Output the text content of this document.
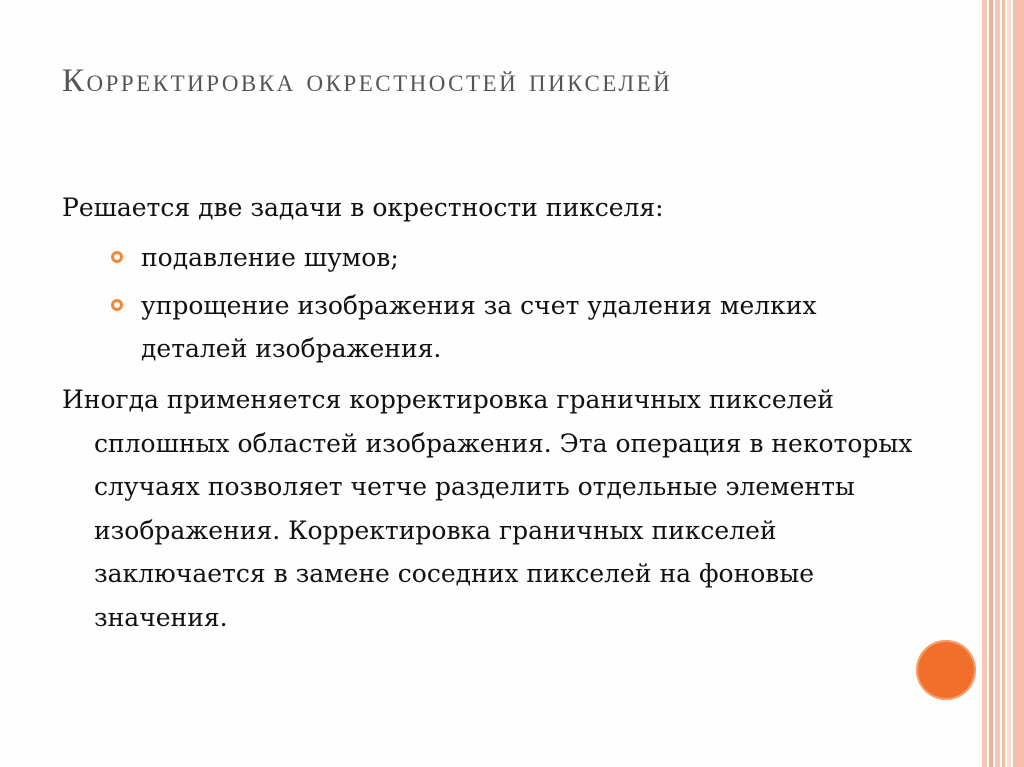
Корректировка окрестностей пикселей

Решается две задачи в окрестности пикселя:

подавление шумов;
упрощение изображения за счет удаления мелких деталей изображения.

Иногда применяется корректировка граничных пикселей сплошных областей изображения. Эта операция в некоторых случаях позволяет четче разделить отдельные элементы изображения. Корректировка граничных пикселей заключается в замене соседних пикселей на фоновые значения.
